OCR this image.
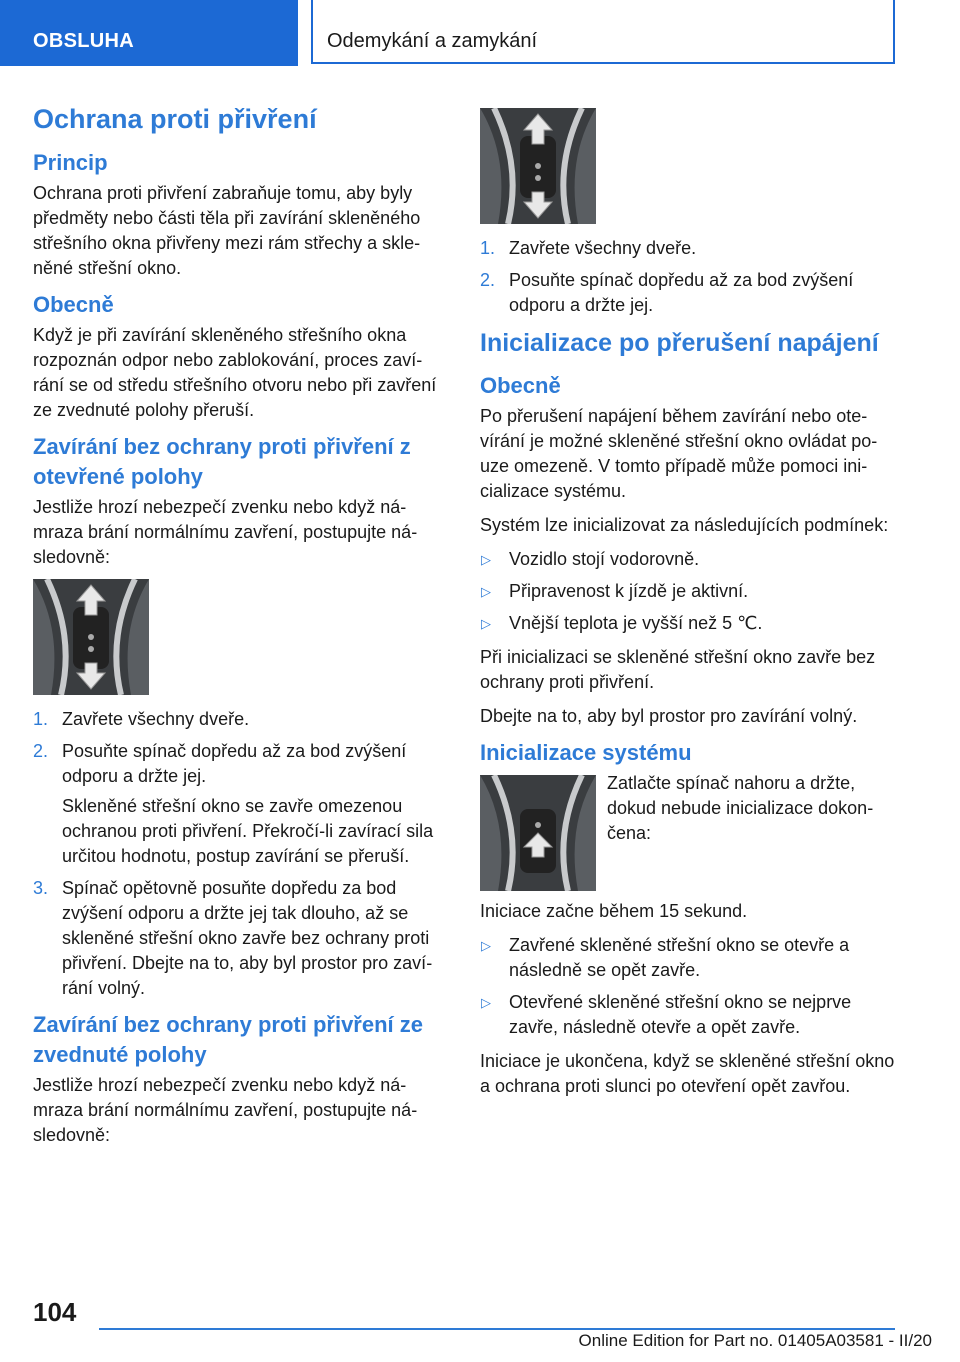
OBSLUHA	Odemykání a zamykání
Ochrana proti přivření
Princip

Ochrana proti přivření zabraňuje tomu, aby byly předměty nebo části těla při zavírání skleněného střešního okna přivřeny mezi rám střechy a skleněné střešní okno.

Obecně

Když je při zavírání skleněného střešního okna rozpoznán odpor nebo zablokování, proces zavírání se od středu střešního otvoru nebo při zavření ze zvednuté polohy přeruší.

Zavírání bez ochrany proti přivření z otevřené polohy

Jestliže hrozí nebezpečí zvenku nebo když námraza brání normálnímu zavření, postupujte následovně:

1. Zavřete všechny dveře.
2. Posuňte spínač dopředu až za bod zvýšení odporu a držte jej.

Skleněné střešní okno se zavře omezenou ochranou proti přivření. Překročí-li zavírací sila určitou hodnotu, postup zavírání se přeruší.

3. Spínač opětovně posuňte dopředu za bod zvýšení odporu a držte jej tak dlouho, až se skleněné střešní okno zavře bez ochrany proti přivření. Dbejte na to, aby byl prostor pro zavírání volný.
Zavírání bez ochrany proti přivření ze zvednuté polohy

Jestliže hrozí nebezpečí zvenku nebo když námraza brání normálnímu zavření, postupujte následovně:

1. Zavřete všechny dveře.
2. Posuňte spínač dopředu až za bod zvýšení odporu a držte jej.
Inicializace po přerušení napájení
Obecně

Po přerušení napájení během zavírání nebo otevírání je možné skleněné střešní okno ovládat pouze omezeně. V tomto případě může pomoci inicializace systému.

Systém lze inicializovat za následujících podmínek:

▷ Vozidlo stojí vodorovně.
▷ Připravenost k jízdě je aktivní.
▷ Vnější teplota je vyšší než 5 ℃.

Při inicializaci se skleněné střešní okno zavře bez ochrany proti přivření.

Dbejte na to, aby byl prostor pro zavírání volný.

Inicializace systému

Zatlačte spínač nahoru a držte, dokud nebude inicializace dokončena:

Iniciace začne během 15 sekund.

▷ Zavřené skleněné střešní okno se otevře a následně se opět zavře.
▷ Otevřené skleněné střešní okno se nejprve zavře, následně otevře a opět zavře.

Iniciace je ukončena, když se skleněné střešní okno a ochrana proti slunci po otevření opět zavřou.

104
Online Edition for Part no. 01405A03581 - II/20
